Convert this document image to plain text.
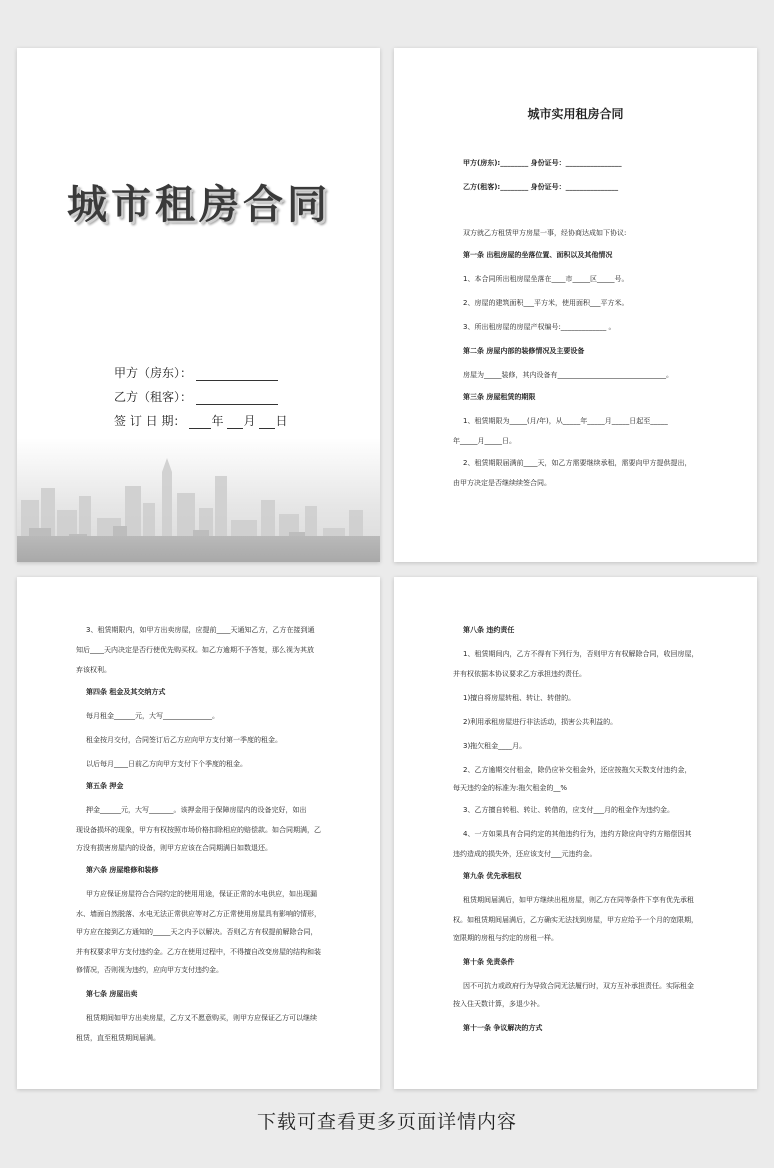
城市租房合同
甲方（房东）：
乙方（租客）：
签 订 日 期： 年 月 日
城市实用租房合同
甲方(房东):________ 身份证号：________________
乙方(租客):________ 身份证号：_______________
双方就乙方租赁甲方房屋一事，经协商达成如下协议:
第一条 出租房屋的坐落位置、面积以及其他情况
1、本合同所出租房屋坐落在____市_____区_____号。
2、房屋的建筑面积___平方米，使用面积___平方米。
3、所出租房屋的房屋产权编号:_____________ 。
第二条 房屋内部的装修情况及主要设备
房屋为_____装修，其内设备有_______________________________。
第三条 房屋租赁的期限
1、租赁期限为_____(月/年)，从_____年_____月_____日起至_____
年_____月_____日。
2、租赁期限届满前____天，如乙方需要继续承租，需要向甲方提供提出，
由甲方决定是否继续续签合同。
3、租赁期限内，如甲方出卖房屋，应提前____天通知乙方，乙方在接到通
知后____天内决定是否行使优先购买权。如乙方逾期不予答复，那么视为其放
弃该权利。
第四条 租金及其交纳方式
每月租金______元，大写______________。
租金按月交付，合同签订后乙方应向甲方支付第一季度的租金。
以后每月____日前乙方向甲方支付下个季度的租金。
第五条 押金
押金______元，大写_______。该押金用于保障房屋内的设备完好，如出
现设备损坏的现象，甲方有权按照市场价格扣除相应的赔偿款。如合同期满，乙
方没有损害房屋内的设备，则甲方应该在合同期满日如数退还。
第六条 房屋维修和装修
甲方应保证房屋符合合同约定的使用用途，保证正常的水电供应，如出现漏
水、墙面自然脱落、水电无法正常供应等对乙方正常使用房屋具有影响的情形，
甲方应在接到乙方通知的_____天之内予以解决。否则乙方有权提前解除合同，
并有权要求甲方支付违约金。乙方在使用过程中，不得擅自改变房屋的结构和装
修情况，否则视为违约，应向甲方支付违约金。
第七条 房屋出卖
租赁期间如甲方出卖房屋，乙方又不愿意购买，则甲方应保证乙方可以继续
租赁，直至租赁期间届满。
第八条 违约责任
1、租赁期间内，乙方不得有下列行为，否则甲方有权解除合同，收回房屋，
并有权依据本协议要求乙方承担违约责任。
1)擅自将房屋转租、转让、转借的。
2)利用承租房屋进行非法活动，损害公共利益的。
3)拖欠租金____月。
2、乙方逾期交付租金，除仍应补交租金外，还应按拖欠天数支付违约金，
每天违约金的标准为:拖欠租金的__%
3、乙方擅自转租、转让、转借的，应支付___月的租金作为违约金。
4、一方如果具有合同约定的其他违约行为，违约方除应向守约方赔偿因其
违约造成的损失外，还应该支付___元违约金。
第九条 优先承租权
租赁期间届满后，如甲方继续出租房屋，则乙方在同等条件下享有优先承租
权。如租赁期间届满后，乙方确实无法找到房屋，甲方应给予一个月的宽限期，
宽限期的房租与约定的房租一样。
第十条 免责条件
因不可抗力或政府行为导致合同无法履行时，双方互补承担责任。实际租金
按入住天数计算，多退少补。
第十一条 争议解决的方式
下载可查看更多页面详情内容
